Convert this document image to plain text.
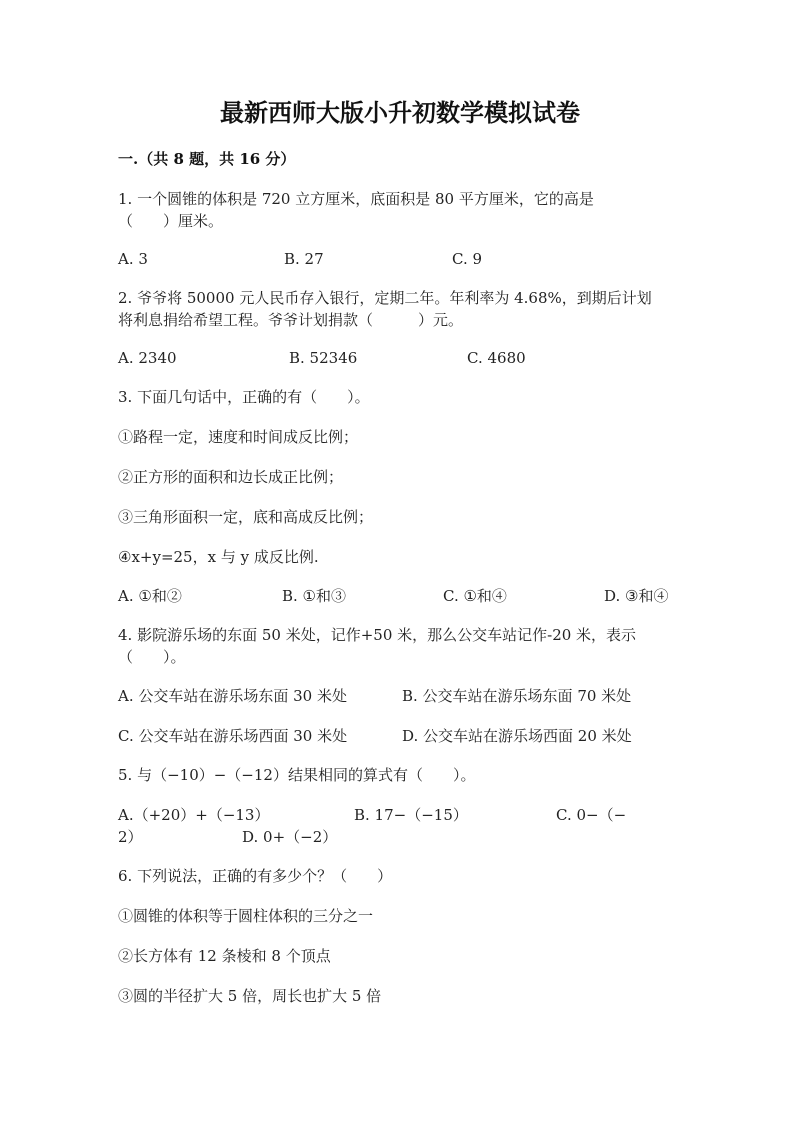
最新西师大版小升初数学模拟试卷
一.（共 8 题，共 16 分）
1. 一个圆锥的体积是 720 立方厘米，底面积是 80 平方厘米，它的高是
（　　）厘米。
A. 3	B. 27	C. 9
2. 爷爷将 50000 元人民币存入银行，定期二年。年利率为 4.68%，到期后计划
将利息捐给希望工程。爷爷计划捐款（　　　）元。
A. 2340	B. 52346	C. 4680
3. 下面几句话中，正确的有（　　）。
①路程一定，速度和时间成反比例；
②正方形的面积和边长成正比例；
③三角形面积一定，底和高成反比例；
④x+y=25，x 与 y 成反比例.
A. ①和②	B. ①和③	C. ①和④	D. ③和④
4. 影院游乐场的东面 50 米处，记作+50 米，那么公交车站记作-20 米，表示
（　　）。
A. 公交车站在游乐场东面 30 米处	B. 公交车站在游乐场东面 70 米处
C. 公交车站在游乐场西面 30 米处	D. 公交车站在游乐场西面 20 米处
5. 与（−10）−（−12）结果相同的算式有（　　）。
A.（+20）+（−13）	B. 17−（−15）	C. 0−（−
2）	D. 0+（−2）
6. 下列说法，正确的有多少个？（　　）
①圆锥的体积等于圆柱体积的三分之一
②长方体有 12 条棱和 8 个顶点
③圆的半径扩大 5 倍，周长也扩大 5 倍
